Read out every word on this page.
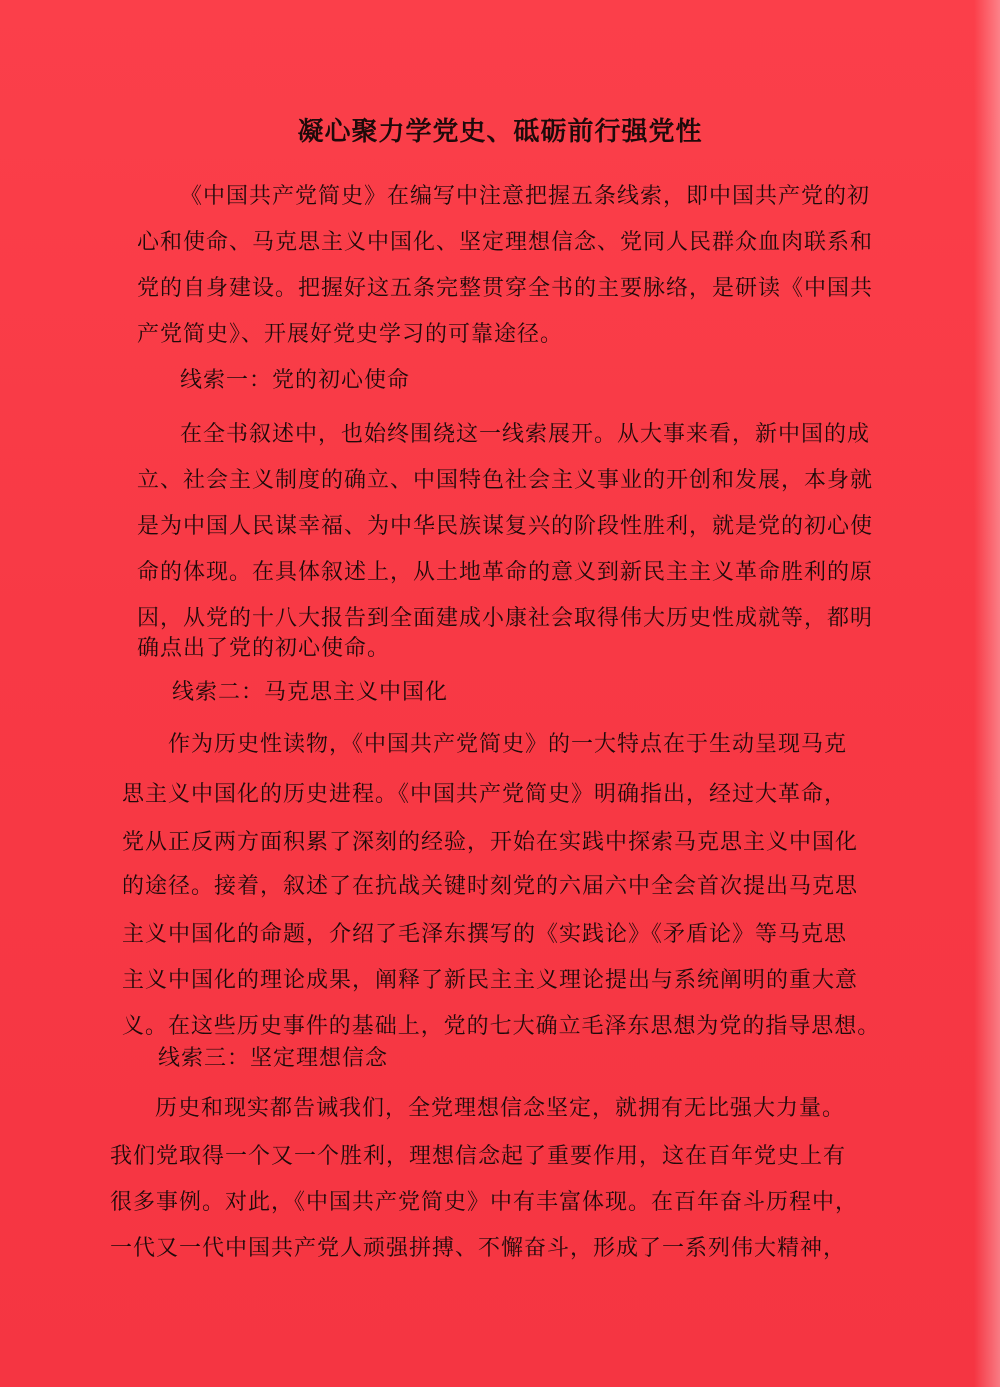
凝心聚力学党史、砥砺前行强党性
《中国共产党简史》在编写中注意把握五条线索，即中国共产党的初
心和使命、马克思主义中国化、坚定理想信念、党同人民群众血肉联系和
党的自身建设。把握好这五条完整贯穿全书的主要脉络，是研读《中国共
产党简史》、开展好党史学习的可靠途径。
线索一：党的初心使命
在全书叙述中，也始终围绕这一线索展开。从大事来看，新中国的成
立、社会主义制度的确立、中国特色社会主义事业的开创和发展，本身就
是为中国人民谋幸福、为中华民族谋复兴的阶段性胜利，就是党的初心使
命的体现。在具体叙述上，从土地革命的意义到新民主主义革命胜利的原
因，从党的十八大报告到全面建成小康社会取得伟大历史性成就等，都明
确点出了党的初心使命。
线索二：马克思主义中国化
作为历史性读物，《中国共产党简史》的一大特点在于生动呈现马克
思主义中国化的历史进程。《中国共产党简史》明确指出，经过大革命，
党从正反两方面积累了深刻的经验，开始在实践中探索马克思主义中国化
的途径。接着，叙述了在抗战关键时刻党的六届六中全会首次提出马克思
主义中国化的命题，介绍了毛泽东撰写的《实践论》《矛盾论》等马克思
主义中国化的理论成果，阐释了新民主主义理论提出与系统阐明的重大意
义。在这些历史事件的基础上，党的七大确立毛泽东思想为党的指导思想。
线索三：坚定理想信念
历史和现实都告诫我们，全党理想信念坚定，就拥有无比强大力量。
我们党取得一个又一个胜利，理想信念起了重要作用，这在百年党史上有
很多事例。对此，《中国共产党简史》中有丰富体现。在百年奋斗历程中，
一代又一代中国共产党人顽强拼搏、不懈奋斗，形成了一系列伟大精神，
